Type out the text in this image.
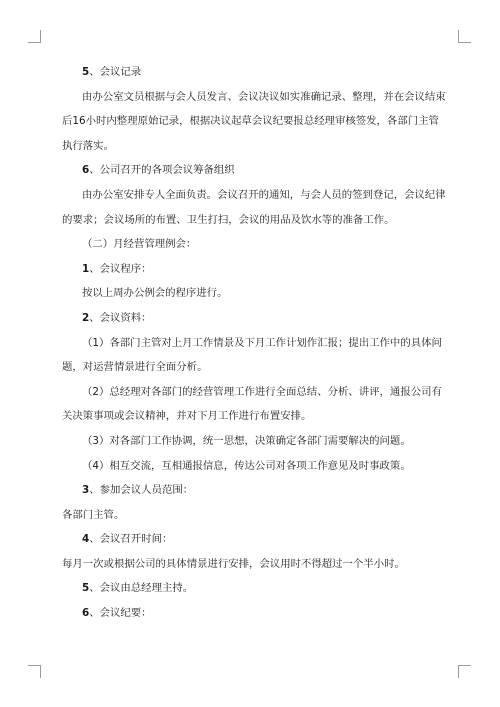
5、会议记录
由办公室文员根据与会人员发言、会议决议如实准确记录、整理，并在会议结束
后16小时内整理原始记录，根据决议起草会议纪要报总经理审核签发，各部门主管
执行落实。
6、公司召开的各项会议筹备组织
由办公室安排专人全面负责。会议召开的通知，与会人员的签到登记，会议纪律
的要求；会议场所的布置、卫生打扫，会议的用品及饮水等的准备工作。
（二）月经营管理例会：
1、会议程序：
按以上周办公例会的程序进行。
2、会议资料：
（1）各部门主管对上月工作情景及下月工作计划作汇报；提出工作中的具体问
题，对运营情景进行全面分析。
（2）总经理对各部门的经营管理工作进行全面总结、分析、讲评，通报公司有
关决策事项或会议精神，并对下月工作进行布置安排。
（3）对各部门工作协调，统一思想，决策确定各部门需要解决的问题。
（4）相互交流，互相通报信息，传达公司对各项工作意见及时事政策。
3、参加会议人员范围：
各部门主管。
4、会议召开时间：
每月一次或根据公司的具体情景进行安排，会议用时不得超过一个半小时。
5、会议由总经理主持。
6、会议纪要：
